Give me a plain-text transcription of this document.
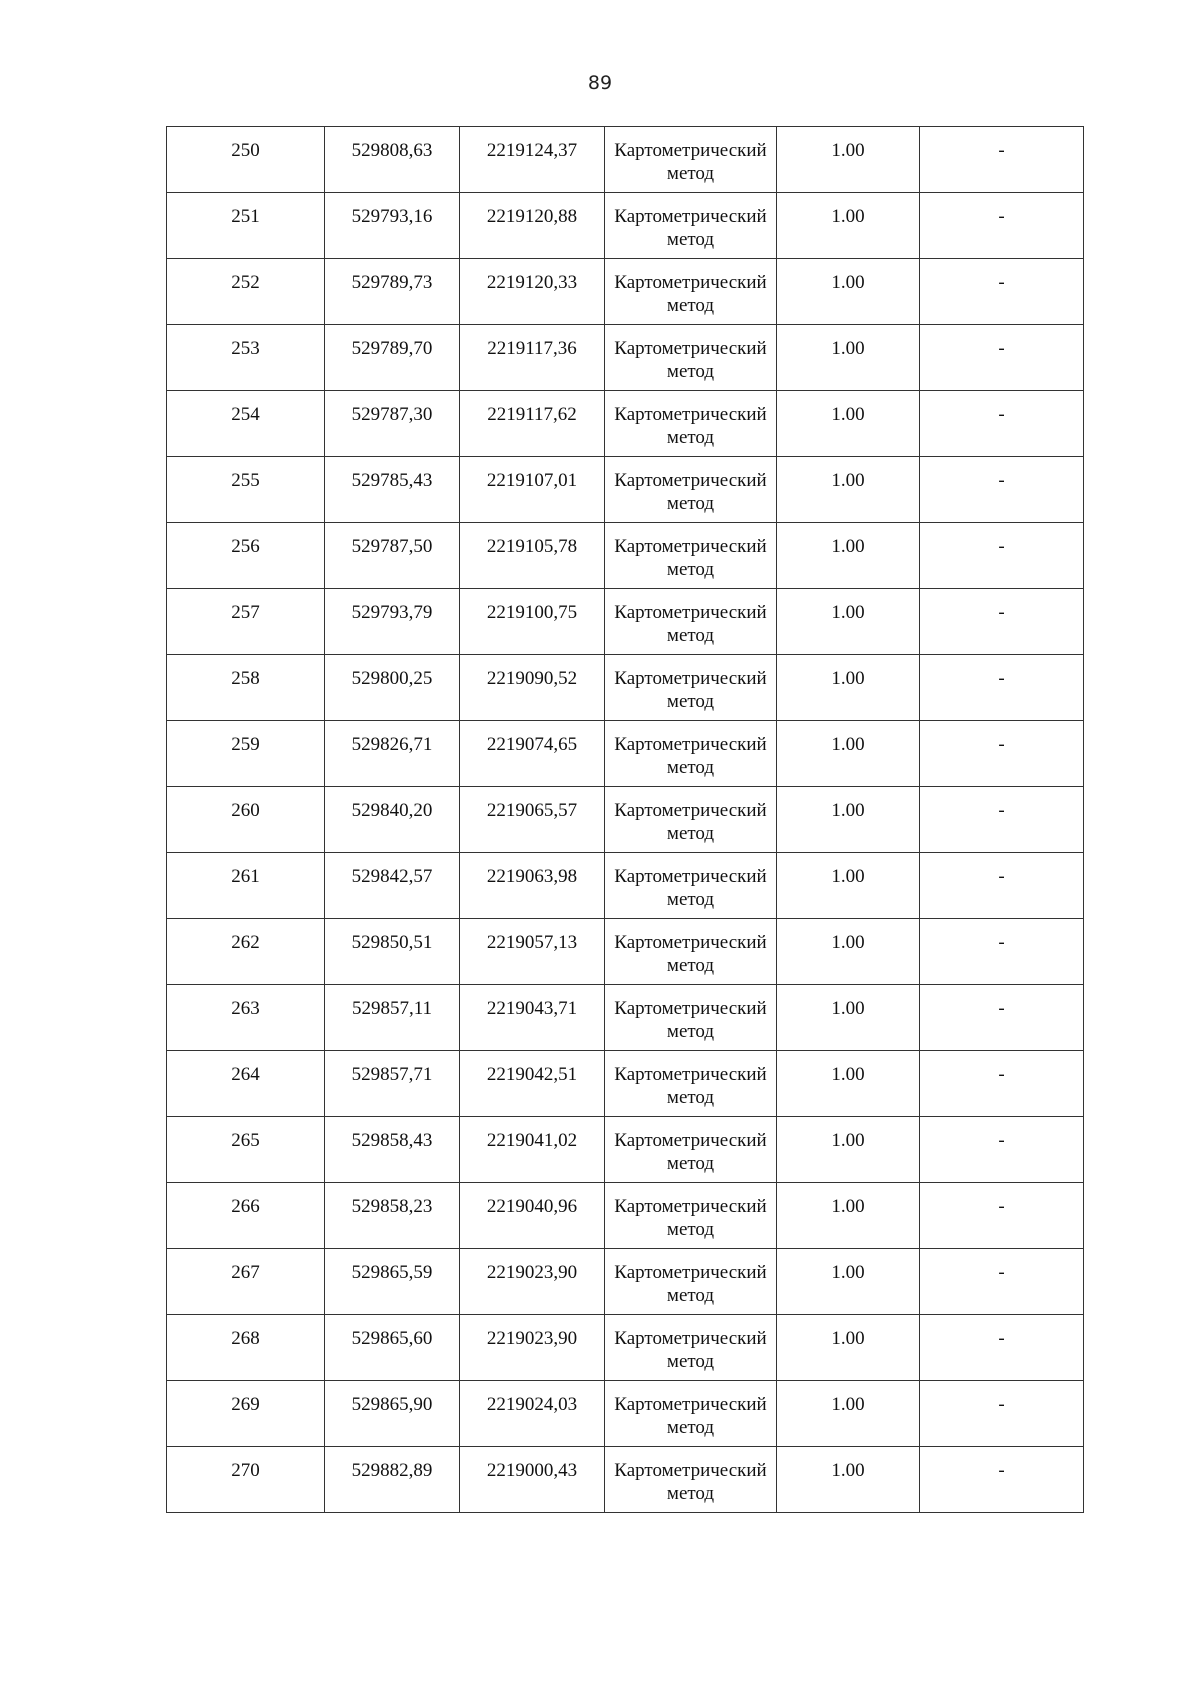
89
250	529808,63	2219124,37	Картометрический метод	1.00	-
251	529793,16	2219120,88	Картометрический метод	1.00	-
252	529789,73	2219120,33	Картометрический метод	1.00	-
253	529789,70	2219117,36	Картометрический метод	1.00	-
254	529787,30	2219117,62	Картометрический метод	1.00	-
255	529785,43	2219107,01	Картометрический метод	1.00	-
256	529787,50	2219105,78	Картометрический метод	1.00	-
257	529793,79	2219100,75	Картометрический метод	1.00	-
258	529800,25	2219090,52	Картометрический метод	1.00	-
259	529826,71	2219074,65	Картометрический метод	1.00	-
260	529840,20	2219065,57	Картометрический метод	1.00	-
261	529842,57	2219063,98	Картометрический метод	1.00	-
262	529850,51	2219057,13	Картометрический метод	1.00	-
263	529857,11	2219043,71	Картометрический метод	1.00	-
264	529857,71	2219042,51	Картометрический метод	1.00	-
265	529858,43	2219041,02	Картометрический метод	1.00	-
266	529858,23	2219040,96	Картометрический метод	1.00	-
267	529865,59	2219023,90	Картометрический метод	1.00	-
268	529865,60	2219023,90	Картометрический метод	1.00	-
269	529865,90	2219024,03	Картометрический метод	1.00	-
270	529882,89	2219000,43	Картометрический метод	1.00	-
